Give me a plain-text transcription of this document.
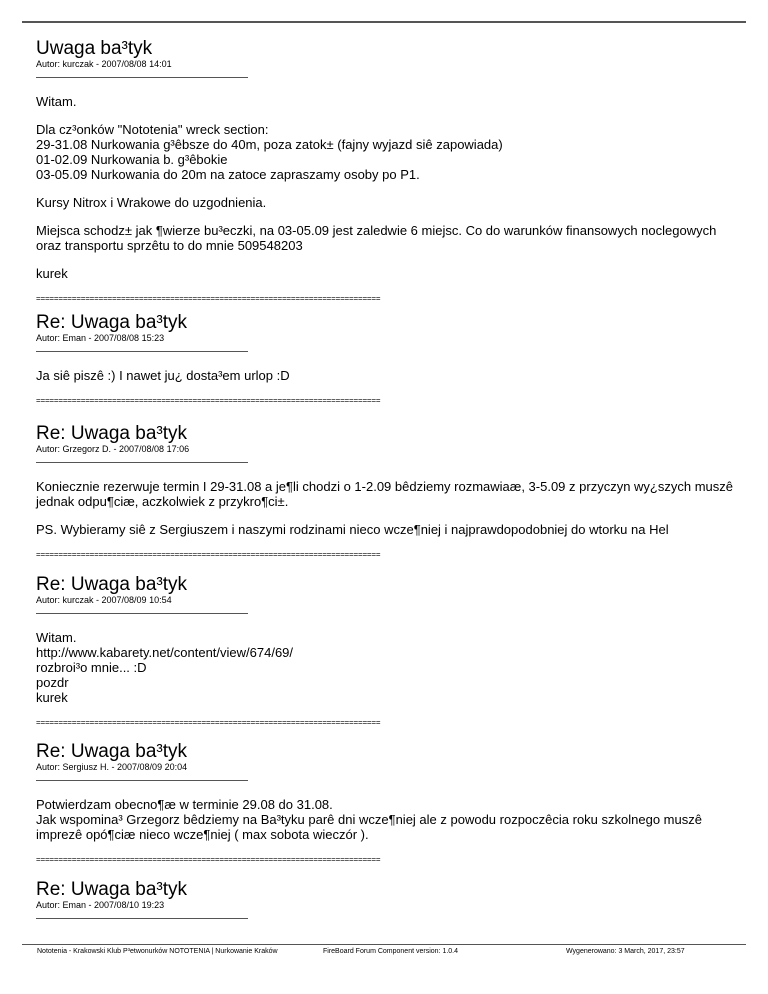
Uwaga ba³tyk

Autor: kurczak - 2007/08/08 14:01

Witam.

Dla cz³onków "Nototenia" wreck section:
29-31.08 Nurkowania g³êbsze do 40m, poza zatok± (fajny wyjazd siê zapowiada)
01-02.09 Nurkowania b. g³êbokie
03-05.09 Nurkowania do 20m na zatoce zapraszamy osoby po P1.

Kursy Nitrox i Wrakowe do uzgodnienia.

Miejsca schodz± jak ¶wierze bu³eczki, na 03-05.09 jest zaledwie 6 miejsc. Co do warunków finansowych noclegowych oraz transportu sprzêtu to do mnie 509548203

kurek

=============================================================================
Re: Uwaga ba³tyk

Autor: Eman - 2007/08/08 15:23

Ja siê piszê :) I nawet ju¿ dosta³em urlop :D

=============================================================================
Re: Uwaga ba³tyk

Autor: Grzegorz D. - 2007/08/08 17:06

Koniecznie rezerwuje termin I 29-31.08 a je¶li chodzi o 1-2.09 bêdziemy rozmawiaæ, 3-5.09 z przyczyn wy¿szych muszê jednak odpu¶ciæ, aczkolwiek z przykro¶ci±.

PS. Wybieramy siê z Sergiuszem i naszymi rodzinami nieco wcze¶niej i najprawdopodobniej do wtorku na Hel

=============================================================================
Re: Uwaga ba³tyk

Autor: kurczak - 2007/08/09 10:54

Witam.
http://www.kabarety.net/content/view/674/69/
rozbroi³o mnie... :D
pozdr
kurek

=============================================================================
Re: Uwaga ba³tyk

Autor: Sergiusz H. - 2007/08/09 20:04

Potwierdzam obecno¶æ w terminie 29.08 do 31.08.
Jak wspomina³ Grzegorz bêdziemy na Ba³tyku parê dni wcze¶niej ale z powodu rozpoczêcia roku szkolnego muszê imprezê opó¶ciæ nieco wcze¶niej ( max sobota wieczór ).

=============================================================================
Re: Uwaga ba³tyk

Autor: Eman - 2007/08/10 19:23

Nototenia - Krakowski Klub P³etwonurków NOTOTENIA | Nurkowanie Kraków	FireBoard Forum Component version: 1.0.4	Wygenerowano: 3 March, 2017, 23:57
